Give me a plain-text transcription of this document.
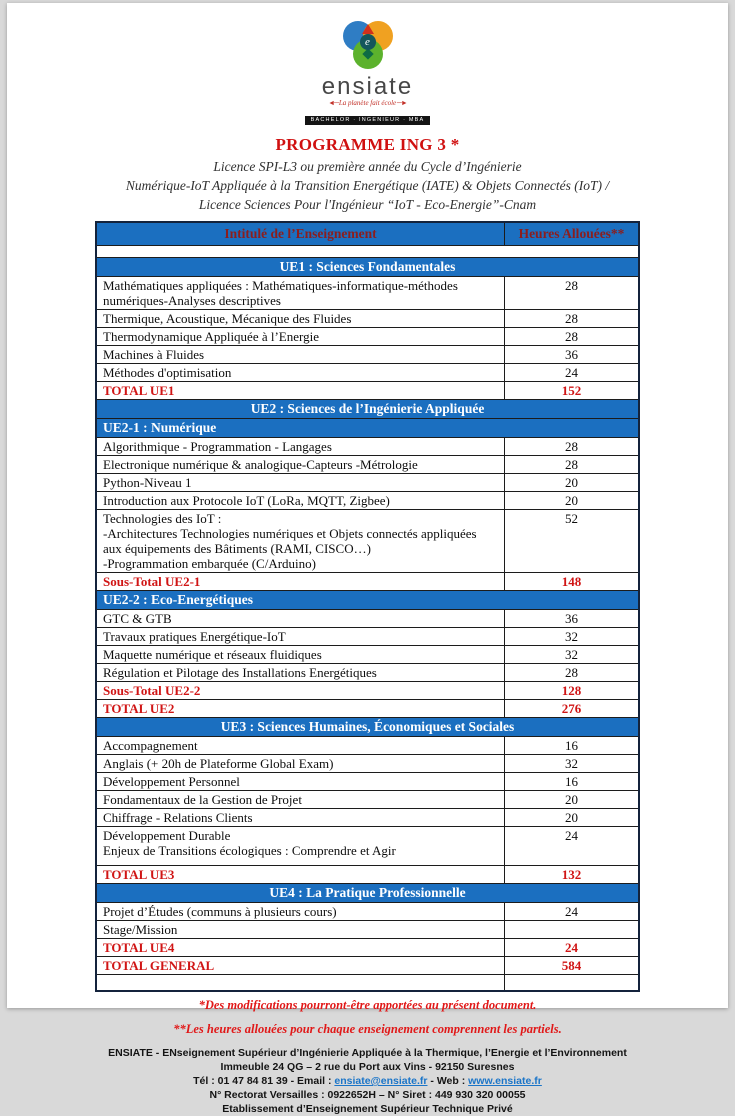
e
ensiate
◄─ La planète fait école ─►
BACHELOR · INGENIEUR · MBA
PROGRAMME ING 3 *
Licence SPI-L3 ou première année du Cycle d’Ingénierie
Numérique-IoT Appliquée à la Transition Energétique (IATE) & Objets Connectés (IoT) /
Licence Sciences Pour l'Ingénieur “IoT - Eco-Energie”-Cnam
Intitulé de l’Enseignement	Heures Allouées**

UE1 : Sciences Fondamentales	

Mathématiques appliquées : Mathématiques-informatique-méthodes numériques-Analyses descriptives	28

Thermique, Acoustique, Mécanique des Fluides	28

Thermodynamique Appliquée à l’Energie	28

Machines à Fluides	36

Méthodes d'optimisation	24

TOTAL UE1	152
UE2 : Sciences de l’Ingénierie Appliquée	
UE2-1 : Numérique	

Algorithmique - Programmation - Langages	28

Electronique numérique & analogique-Capteurs -Métrologie	28

Python-Niveau 1	20

Introduction aux Protocole IoT (LoRa, MQTT, Zigbee)	20

Technologies des IoT :
-Architectures Technologies numériques et Objets connectés appliquées aux équipements des Bâtiments (RAMI, CISCO…)
-Programmation embarquée (C/Arduino)	52

Sous-Total UE2-1	148
UE2-2 : Eco-Energétiques	

GTC & GTB	36

Travaux pratiques Energétique-IoT	32

Maquette numérique et réseaux fluidiques	32

Régulation et Pilotage des Installations Energétiques	28

Sous-Total UE2-2	128

TOTAL UE2	276
UE3 : Sciences Humaines, Économiques et Sociales	

Accompagnement	16

Anglais (+ 20h de Plateforme Global Exam)	32

Développement Personnel	16

Fondamentaux de la Gestion de Projet	20

Chiffrage - Relations Clients	20

Développement Durable
Enjeux de Transitions écologiques : Comprendre et Agir	24

TOTAL UE3	132
UE4 : La Pratique Professionnelle	

Projet d’Études (communs à plusieurs cours)	24

Stage/Mission	

TOTAL UE4	24

TOTAL GENERAL	584

*Des modifications pourront-être apportées au présent document.
**Les heures allouées pour chaque enseignement comprennent les partiels.
ENSIATE - ENseignement Supérieur d’Ingénierie Appliquée à la Thermique, l’Energie et l’Environnement
Immeuble 24 QG – 2 rue du Port aux Vins - 92150 Suresnes
Tél : 01 47 84 81 39 - Email : ensiate@ensiate.fr - Web : www.ensiate.fr
N° Rectorat Versailles : 0922652H – N° Siret : 449 930 320 00055
Etablissement d’Enseignement Supérieur Technique Privé
